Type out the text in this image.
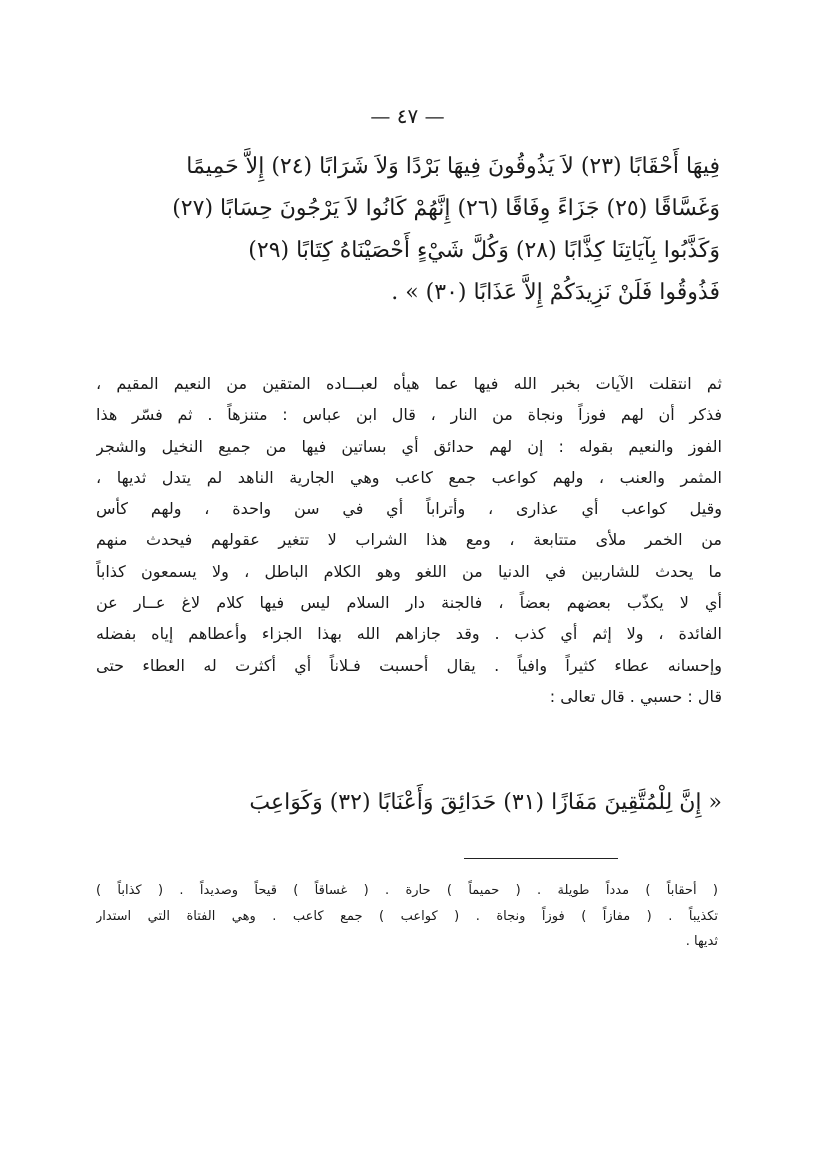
— ٤٧ —
فِيهَا أَحْقَابًا (٢٣) لاَ يَذُوقُونَ فِيهَا بَرْدًا وَلاَ شَرَابًا (٢٤) إِلاَّ حَمِيمًا
وَغَسَّاقًا (٢٥) جَزَاءً وِفَاقًا (٢٦) إِنَّهُمْ كَانُوا لاَ يَرْجُونَ حِسَابًا (٢٧)
وَكَذَّبُوا بِآيَاتِنَا كِذَّابًا (٢٨) وَكُلَّ شَيْءٍ أَحْصَيْنَاهُ كِتَابًا (٢٩)
فَذُوقُوا فَلَنْ نَزِيدَكُمْ إِلاَّ عَذَابًا (٣٠) » .
ثم انتقلت الآيات بخبر الله فيها عما هيأه لعبـــاده المتقين من النعيم المقيم ،
فذكر أن لهم فوزاً ونجاة من النار ، قال ابن عباس : متنزهاً . ثم فسّر هذا
الفوز والنعيم بقوله : إن لهم حدائق أي بساتين فيها من جميع النخيل والشجر
المثمر والعنب ، ولهم كواعب جمع كاعب وهي الجارية الناهد لم يتدل ثديها ،
وقيل كواعب أي عذارى ، وأتراباً أي في سن واحدة ، ولهم كأس
من الخمر ملأى متتابعة ، ومع هذا الشراب لا تتغير عقولهم فيحدث منهم
ما يحدث للشاربين في الدنيا من اللغو وهو الكلام الباطل ، ولا يسمعون كذاباً
أي لا يكذّب بعضهم بعضاً ، فالجنة دار السلام ليس فيها كلام لاغ عــار عن
الفائدة ، ولا إثم أي كذب . وقد جازاهم الله بهذا الجزاء وأعطاهم إياه بفضله
وإحسانه عطاء كثيراً وافياً . يقال أحسبت فـلاناً أي أكثرت له العطاء حتى
قال : حسبي . قال تعالى :
« إِنَّ لِلْمُتَّقِينَ مَفَازًا (٣١) حَدَائِقَ وَأَعْنَابًا (٣٢) وَكَوَاعِبَ
( أحقاباً ) مدداً طويلة . ( حميماً ) حارة . ( غساقاً ) قيحاً وصديداً . ( كذاباً )
تكذيباً . ( مفازاً ) فوزاً ونجاة . ( كواعب ) جمع كاعب . وهي الفتاة التي استدار
ثديها .
